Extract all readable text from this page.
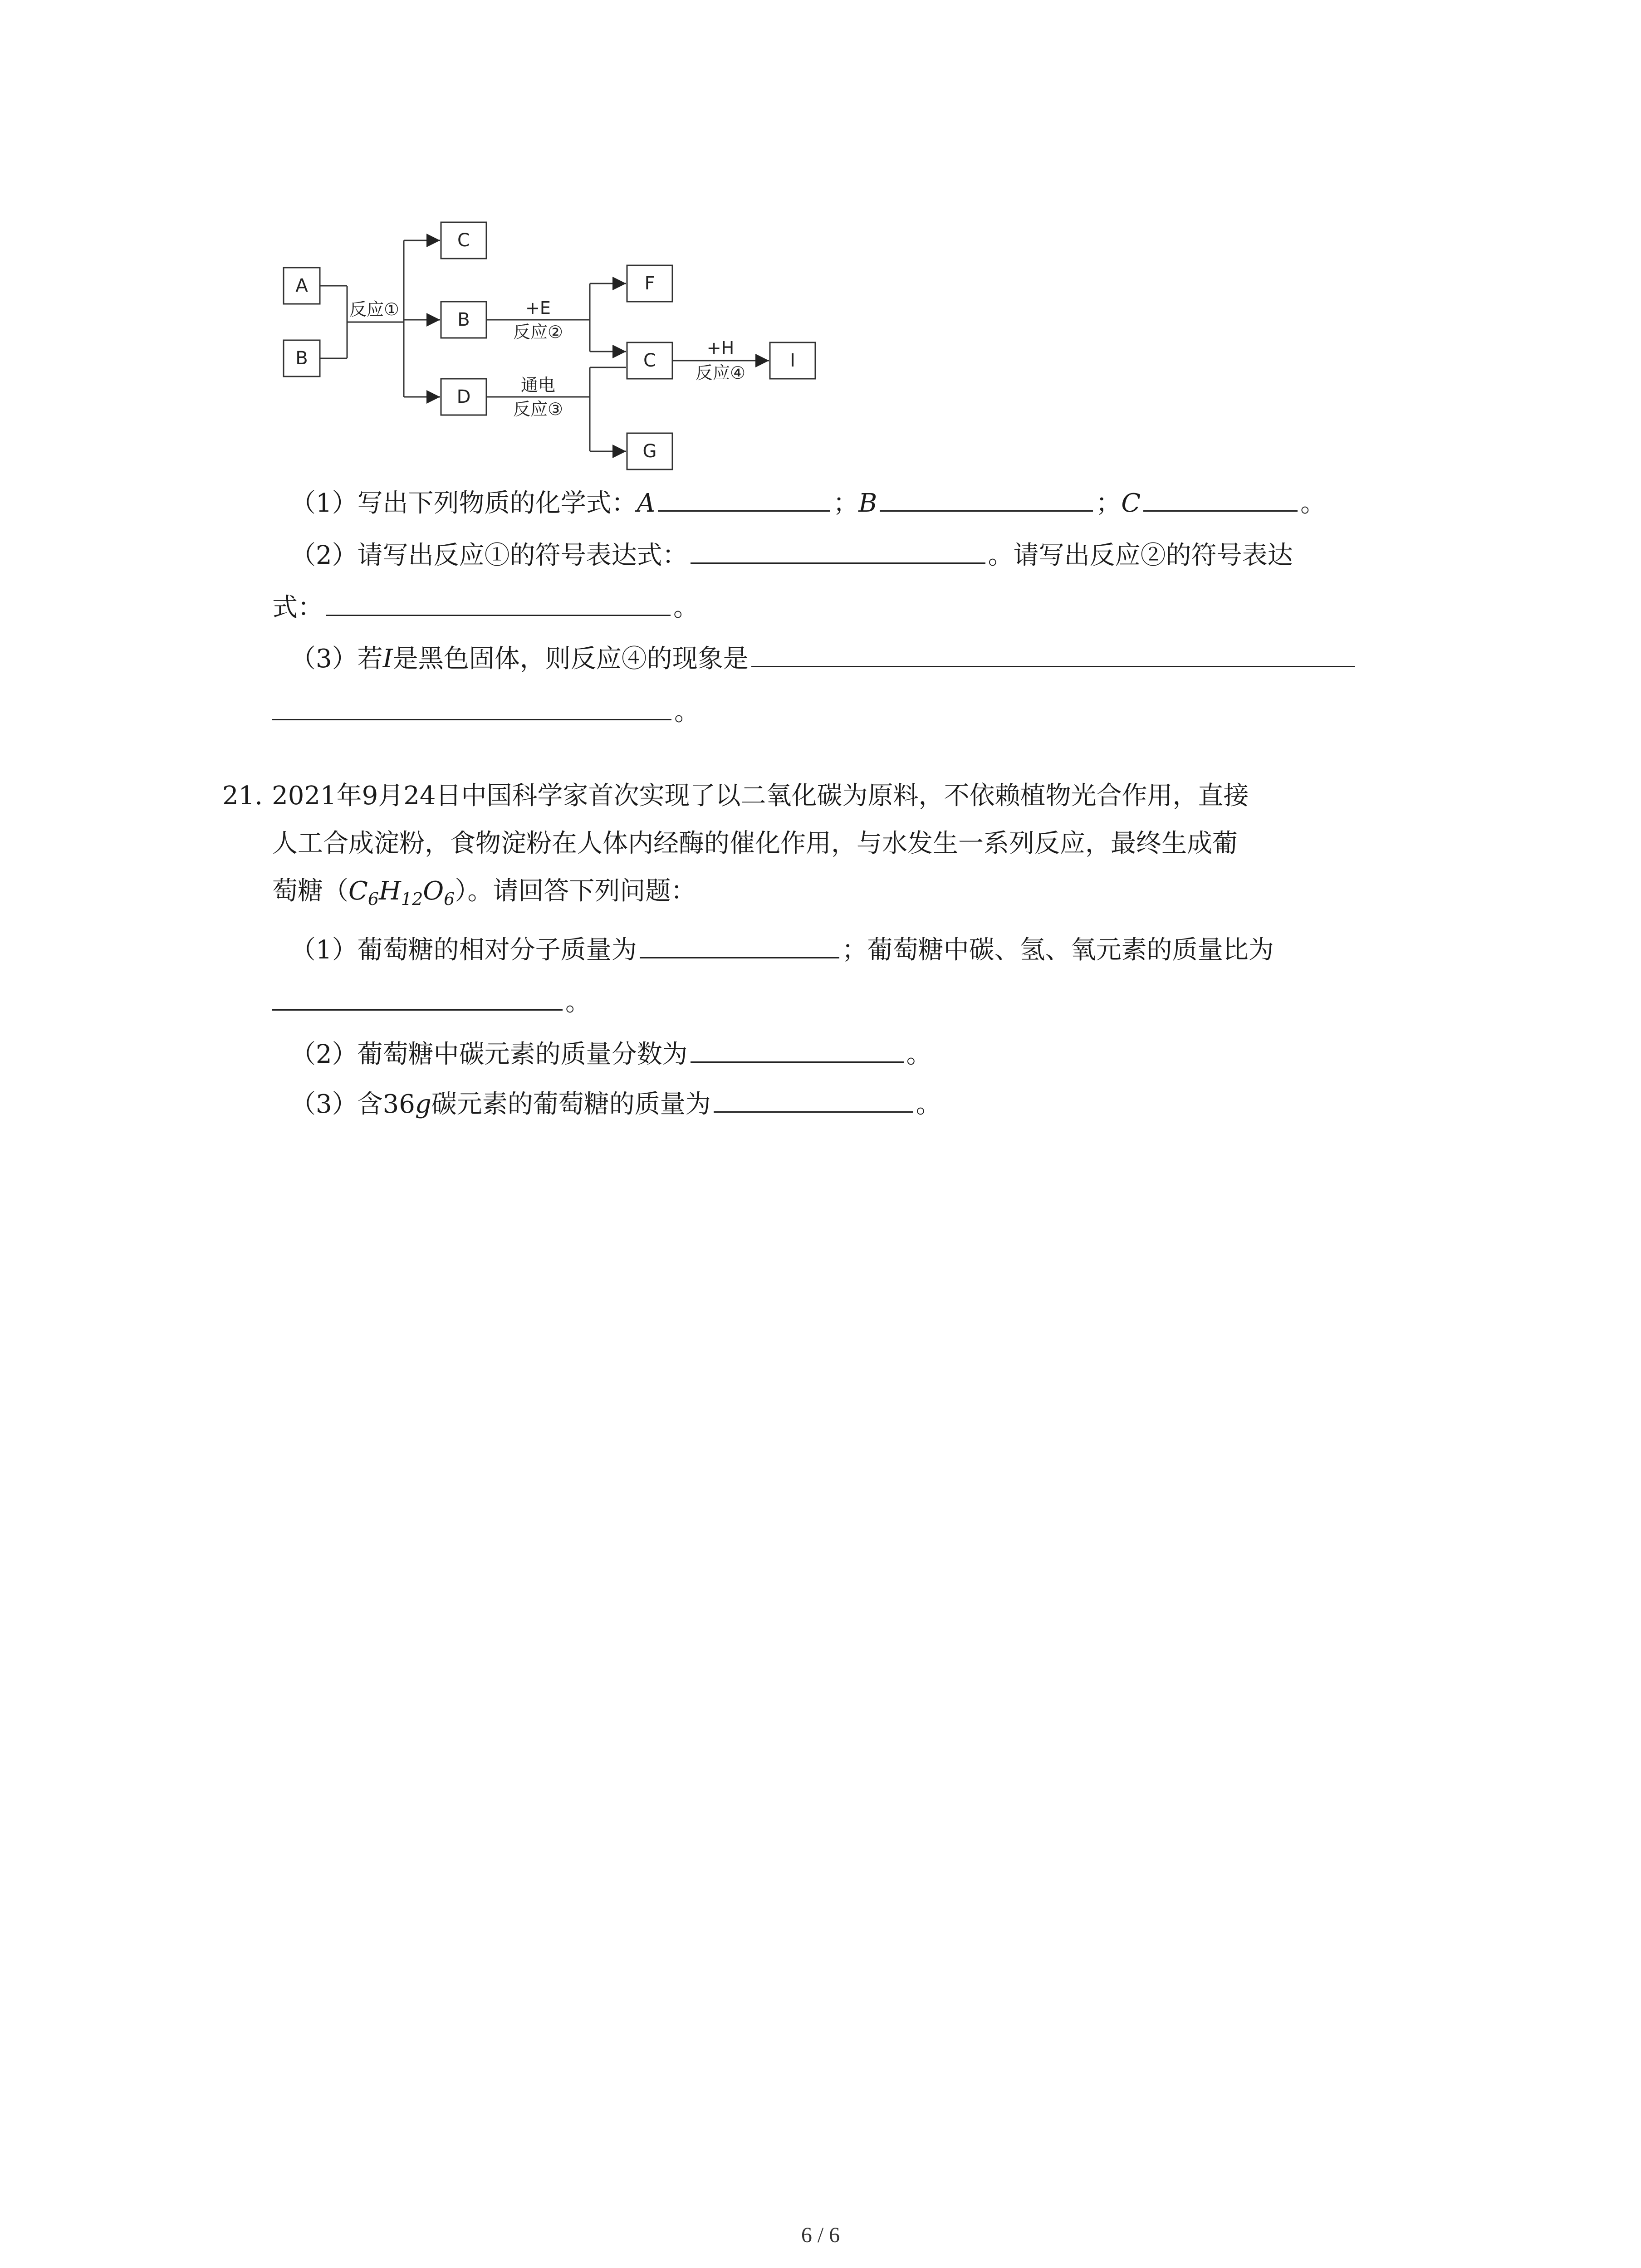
A
B
C
B
F
C	I
D
G
反应①	+E
反应②
通电
反应③
+H
反应④
（1）写出下列物质的化学式：A	；B	；C	。
（2）请写出反应①的符号表达式：	。请写出反应②的符号表达
式：	。
（3）若I是黑色固体，则反应④的现象是
。
21. 2021年9月24日中国科学家首次实现了以二氧化碳为原料，不依赖植物光合作用，直接
人工合成淀粉，食物淀粉在人体内经酶的催化作用，与水发生一系列反应，最终生成葡
萄糖$(C_6H_{12}O_6)$。请回答下列问题：
（1）葡萄糖的相对分子质量为	；葡萄糖中碳、氢、氧元素的质量比为
。
（2）葡萄糖中碳元素的质量分数为	。
（3）含36g碳元素的葡萄糖的质量为	。
6 / 6
